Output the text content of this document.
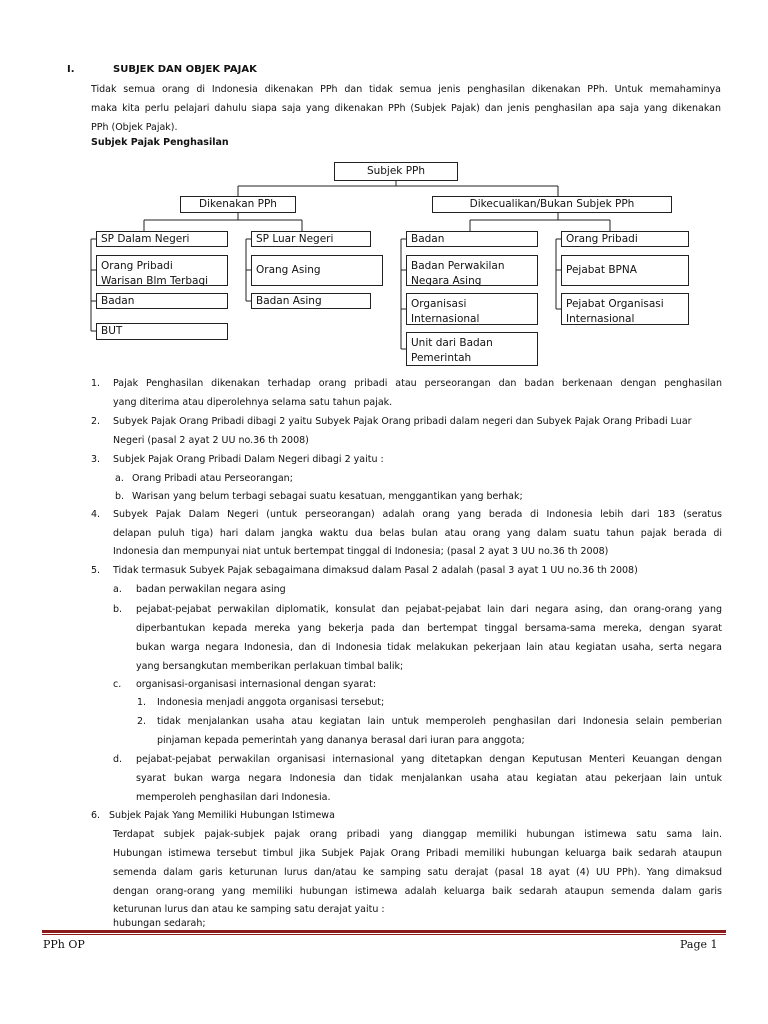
I.	SUBJEK DAN OBJEK PAJAK
Tidak semua orang di Indonesia dikenakan PPh dan tidak semua jenis penghasilan dikenakan PPh. Untuk memahaminya
maka kita perlu pelajari dahulu siapa saja yang dikenakan PPh (Subjek Pajak) dan jenis penghasilan apa saja yang dikenakan
PPh (Objek Pajak).
Subjek Pajak Penghasilan
Subjek PPh
Dikenakan PPh	Dikecualikan/Bukan Subjek PPh
SP Dalam Negeri	SP Luar Negeri	Badan	Orang Pribadi
Orang Pribadi
Warisan Blm Terbagi
Orang Asing	Badan Perwakilan
Negara Asing
Pejabat BPNA
Badan	Badan Asing	Organisasi
Internasional
Pejabat Organisasi
Internasional
BUT
Unit dari Badan
Pemerintah
1. Pajak Penghasilan dikenakan terhadap orang pribadi atau perseorangan dan badan berkenaan dengan penghasilan
yang diterima atau diperolehnya selama satu tahun pajak.
2. Subyek Pajak Orang Pribadi dibagi 2 yaitu Subyek Pajak Orang pribadi dalam negeri dan Subyek Pajak Orang Pribadi Luar
Negeri (pasal 2 ayat 2 UU no.36 th 2008)
3. Subjek Pajak Orang Pribadi Dalam Negeri dibagi 2 yaitu :
a. Orang Pribadi atau Perseorangan;
b. Warisan yang belum terbagi sebagai suatu kesatuan, menggantikan yang berhak;
4. Subyek Pajak Dalam Negeri (untuk perseorangan) adalah orang yang berada di Indonesia lebih dari 183 (seratus
delapan puluh tiga) hari dalam jangka waktu dua belas bulan atau orang yang dalam suatu tahun pajak berada di
Indonesia dan mempunyai niat untuk bertempat tinggal di Indonesia; (pasal 2 ayat 3 UU no.36 th 2008)
5. Tidak termasuk Subyek Pajak sebagaimana dimaksud dalam Pasal 2 adalah (pasal 3 ayat 1 UU no.36 th 2008)
a. badan perwakilan negara asing
b. pejabat-pejabat perwakilan diplomatik, konsulat dan pejabat-pejabat lain dari negara asing, dan orang-orang yang
diperbantukan kepada mereka yang bekerja pada dan bertempat tinggal bersama-sama mereka, dengan syarat
bukan warga negara Indonesia, dan di Indonesia tidak melakukan pekerjaan lain atau kegiatan usaha, serta negara
yang bersangkutan memberikan perlakuan timbal balik;
c. organisasi-organisasi internasional dengan syarat:
1. Indonesia menjadi anggota organisasi tersebut;
2. tidak menjalankan usaha atau kegiatan lain untuk memperoleh penghasilan dari Indonesia selain pemberian
pinjaman kepada pemerintah yang dananya berasal dari iuran para anggota;
d. pejabat-pejabat perwakilan organisasi internasional yang ditetapkan dengan Keputusan Menteri Keuangan dengan
syarat bukan warga negara Indonesia dan tidak menjalankan usaha atau kegiatan atau pekerjaan lain untuk
memperoleh penghasilan dari Indonesia.
6. Subjek Pajak Yang Memiliki Hubungan Istimewa
Terdapat subjek pajak-subjek pajak orang pribadi yang dianggap memiliki hubungan istimewa satu sama lain.
Hubungan istimewa tersebut timbul jika Subjek Pajak Orang Pribadi memiliki hubungan keluarga baik sedarah ataupun
semenda dalam garis keturunan lurus dan/atau ke samping satu derajat (pasal 18 ayat (4) UU PPh). Yang dimaksud
dengan orang-orang yang memiliki hubungan istimewa adalah keluarga baik sedarah ataupun semenda dalam garis
keturunan lurus dan atau ke samping satu derajat yaitu :
hubungan sedarah;
PPh OP	Page 1
